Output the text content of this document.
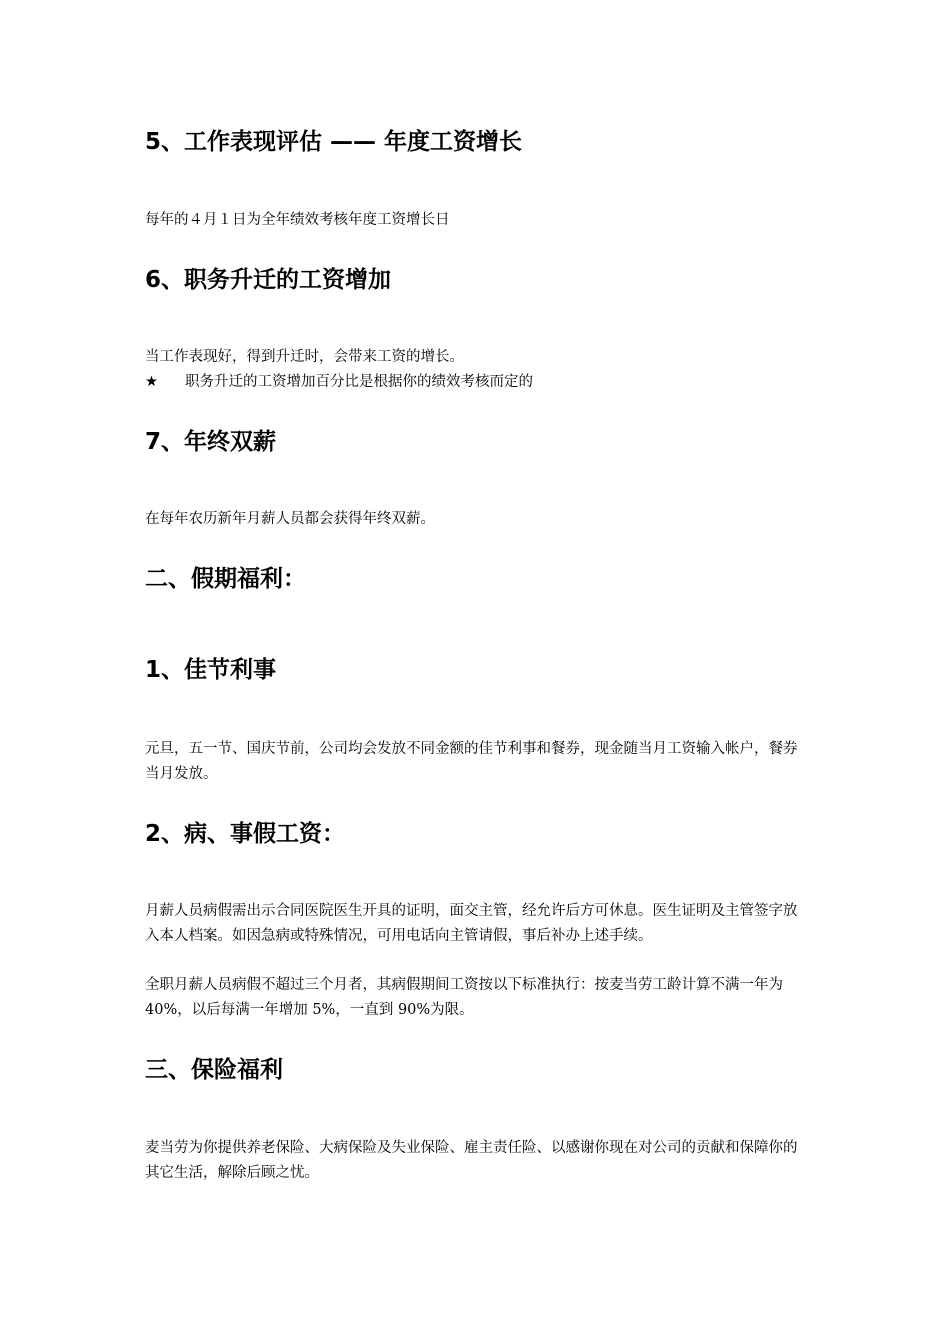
5、工作表现评估 —— 年度工资增长

每年的４月１日为全年绩效考核年度工资增长日

6、职务升迁的工资增加

当工作表现好，得到升迁时，会带来工资的增长。

★ 职务升迁的工资增加百分比是根据你的绩效考核而定的

7、年终双薪

在每年农历新年月薪人员都会获得年终双薪。

二、假期福利：
1、佳节利事

元旦，五一节、国庆节前，公司均会发放不同金额的佳节利事和餐券，现金随当月工资输入帐户，餐券当月发放。

2、病、事假工资：

月薪人员病假需出示合同医院医生开具的证明，面交主管，经允许后方可休息。医生证明及主管签字放入本人档案。如因急病或特殊情况，可用电话向主管请假，事后补办上述手续。

全职月薪人员病假不超过三个月者，其病假期间工资按以下标准执行：按麦当劳工龄计算不满一年为 40%，以后每满一年增加 5%，一直到 90%为限。

三、保险福利

麦当劳为你提供养老保险、大病保险及失业保险、雇主责任险、以感谢你现在对公司的贡献和保障你的其它生活，解除后顾之忧。
